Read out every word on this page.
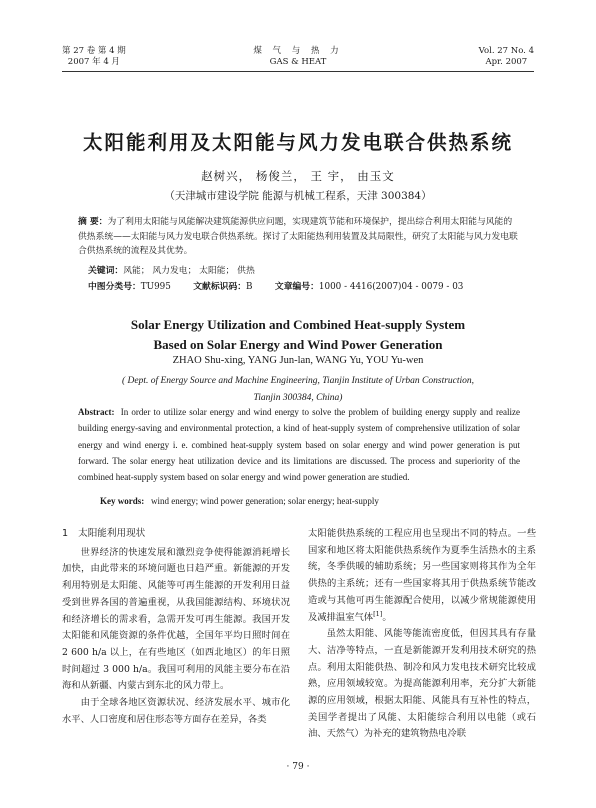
第 27 卷 第 4 期
2007 年 4 月
煤 气 与 热 力
GAS & HEAT
Vol. 27 No. 4
Apr. 2007
太阳能利用及太阳能与风力发电联合供热系统
赵树兴， 杨俊兰， 王 宇， 由玉文
（天津城市建设学院 能源与机械工程系，天津 300384）
摘 要：为了利用太阳能与风能解决建筑能源供应问题，实现建筑节能和环境保护，提出综合利用太阳能与风能的供热系统——太阳能与风力发电联合供热系统。探讨了太阳能热利用装置及其局限性，研究了太阳能与风力发电联合供热系统的流程及其优势。
关键词：风能； 风力发电； 太阳能； 供热
中图分类号：TU995	文献标识码：B	文章编号：1000 - 4416(2007)04 - 0079 - 03
Solar Energy Utilization and Combined Heat-supply System
Based on Solar Energy and Wind Power Generation
ZHAO Shu-xing, YANG Jun-lan, WANG Yu, YOU Yu-wen
( Dept. of Energy Source and Machine Engineering, Tianjin Institute of Urban Construction,
Tianjin 300384, China)
Abstract: In order to utilize solar energy and wind energy to solve the problem of building energy supply and realize building energy-saving and environmental protection, a kind of heat-supply system of comprehensive utilization of solar energy and wind energy i. e. combined heat-supply system based on solar energy and wind power generation is put forward. The solar energy heat utilization device and its limitations are discussed. The process and superiority of the combined heat-supply system based on solar energy and wind power generation are studied.
Key words: wind energy; wind power generation; solar energy; heat-supply
1 太阳能利用现状

世界经济的快速发展和激烈竞争使得能源消耗增长加快，由此带来的环境问题也日趋严重。新能源的开发利用特别是太阳能、风能等可再生能源的开发利用日益受到世界各国的普遍重视，从我国能源结构、环境状况和经济增长的需求看，急需开发可再生能源。我国开发太阳能和风能资源的条件优越，全国年平均日照时间在 2 600 h/a 以上，在有些地区（如西北地区）的年日照时间超过 3 000 h/a。我国可利用的风能主要分布在沿海和从新疆、内蒙古到东北的风力带上。

由于全球各地区资源状况、经济发展水平、城市化水平、人口密度和居住形态等方面存在差异，各类

太阳能供热系统的工程应用也呈现出不同的特点。一些国家和地区将太阳能供热系统作为夏季生活热水的主系统，冬季供暖的辅助系统；另一些国家则将其作为全年供热的主系统；还有一些国家将其用于供热系统节能改造或与其他可再生能源配合使用，以减少常规能源使用及减排温室气体[1]。

虽然太阳能、风能等能流密度低，但因其具有存量大、洁净等特点，一直是新能源开发利用技术研究的热点。利用太阳能供热、制冷和风力发电技术研究比较成熟，应用领域较宽。为提高能源利用率，充分扩大新能源的应用领域，根据太阳能、风能具有互补性的特点，美国学者提出了风能、太阳能综合利用以电能（或石油、天然气）为补充的建筑物热电冷联

· 79 ·
